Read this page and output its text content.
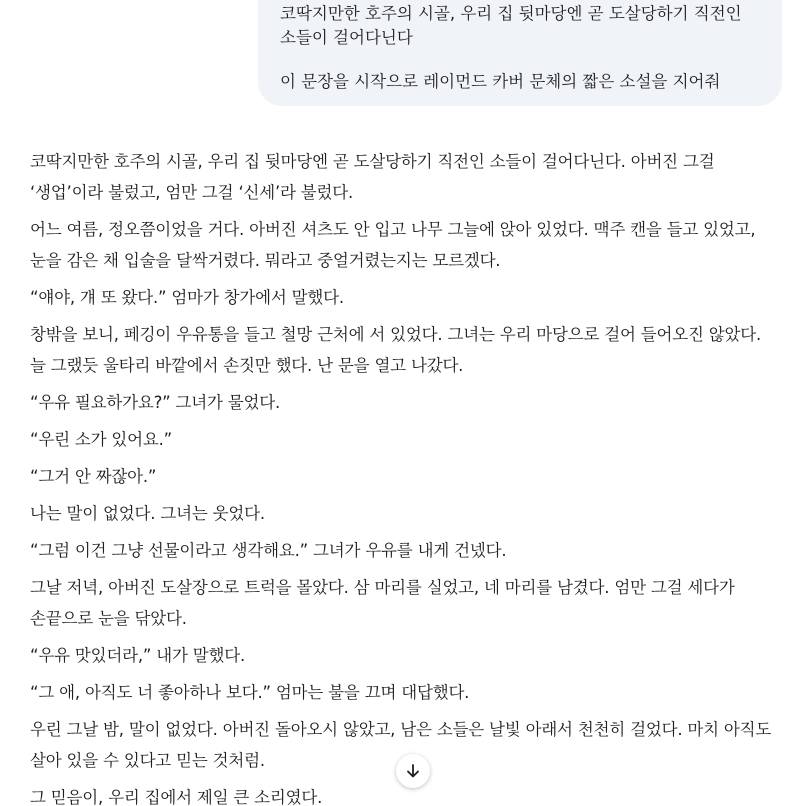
코딱지만한 호주의 시골, 우리 집 뒷마당엔 곧 도살당하기 직전인

소들이 걸어다닌다

이 문장을 시작으로 레이먼드 카버 문체의 짧은 소설을 지어줘

코딱지만한 호주의 시골, 우리 집 뒷마당엔 곧 도살당하기 직전인 소들이 걸어다닌다. 아버진 그걸 ‘생업’이라 불렀고, 엄만 그걸 ‘신세’라 불렀다.

어느 여름, 정오쯤이었을 거다. 아버진 셔츠도 안 입고 나무 그늘에 앉아 있었다. 맥주 캔을 들고 있었고, 눈을 감은 채 입술을 달싹거렸다. 뭐라고 중얼거렸는지는 모르겠다.

“얘야, 걔 또 왔다.” 엄마가 창가에서 말했다.

창밖을 보니, 페깅이 우유통을 들고 철망 근처에 서 있었다. 그녀는 우리 마당으로 걸어 들어오진 않았다. 늘 그랬듯 울타리 바깥에서 손짓만 했다. 난 문을 열고 나갔다.

“우유 필요하가요?” 그녀가 물었다.

“우린 소가 있어요.”

“그거 안 짜잖아.”

나는 말이 없었다. 그녀는 웃었다.

“그럼 이건 그냥 선물이라고 생각해요.” 그녀가 우유를 내게 건넸다.

그날 저녁, 아버진 도살장으로 트럭을 몰았다. 삼 마리를 실었고, 네 마리를 남겼다. 엄만 그걸 세다가 손끝으로 눈을 닦았다.

“우유 맛있더라,” 내가 말했다.

“그 애, 아직도 너 좋아하나 보다.” 엄마는 불을 끄며 대답했다.

우린 그날 밤, 말이 없었다. 아버진 돌아오시 않았고, 남은 소들은 날빛 아래서 천천히 걸었다. 마치 아직도 살아 있을 수 있다고 믿는 것처럼.

그 믿음이, 우리 집에서 제일 큰 소리였다.
